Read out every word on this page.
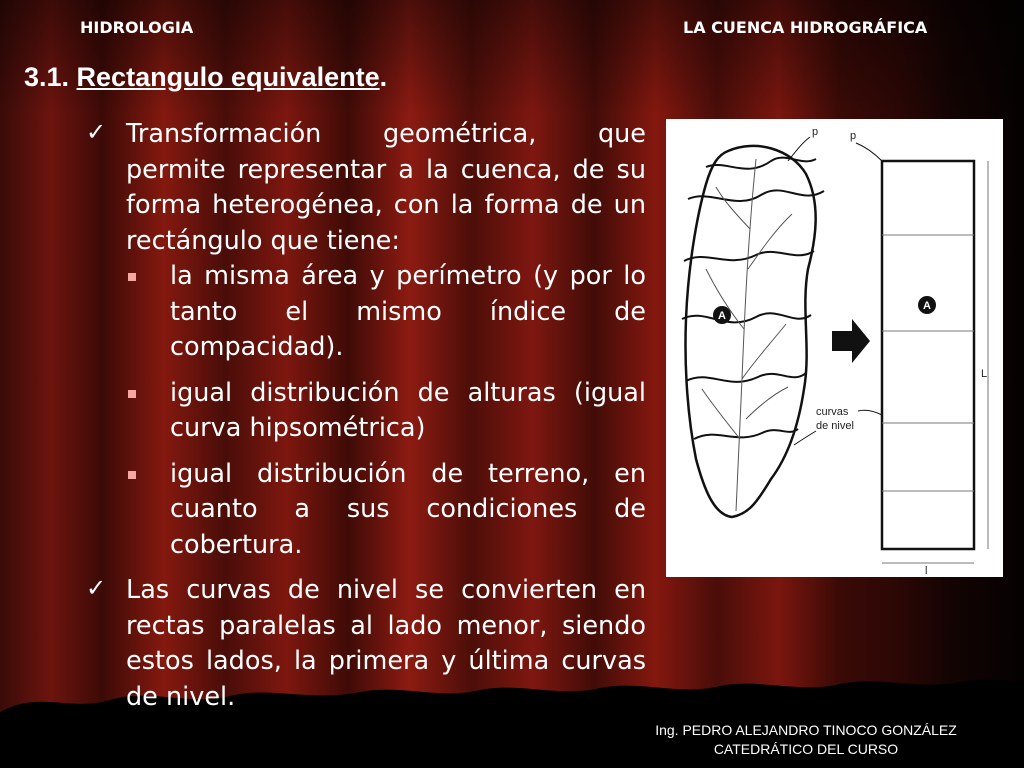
HIDROLOGIA	LA CUENCA HIDROGRÁFICA
3.1. Rectangulo equivalente.

✓ Transformación geométrica, que permite representar a la cuenca, de su forma heterogénea, con la forma de un rectángulo que tiene:

la misma área y perímetro (y por lo tanto el mismo índice de compacidad).

igual distribución de alturas (igual curva hipsométrica)

igual distribución de terreno, en cuanto a sus condiciones de cobertura.

✓ Las curvas de nivel se convierten en rectas paralelas al lado menor, siendo estos lados, la primera y última curvas de nivel.

A
A
p	p
L
l
curvas
de nivel
Ing. PEDRO ALEJANDRO TINOCO GONZÁLEZ
CATEDRÁTICO DEL CURSO
